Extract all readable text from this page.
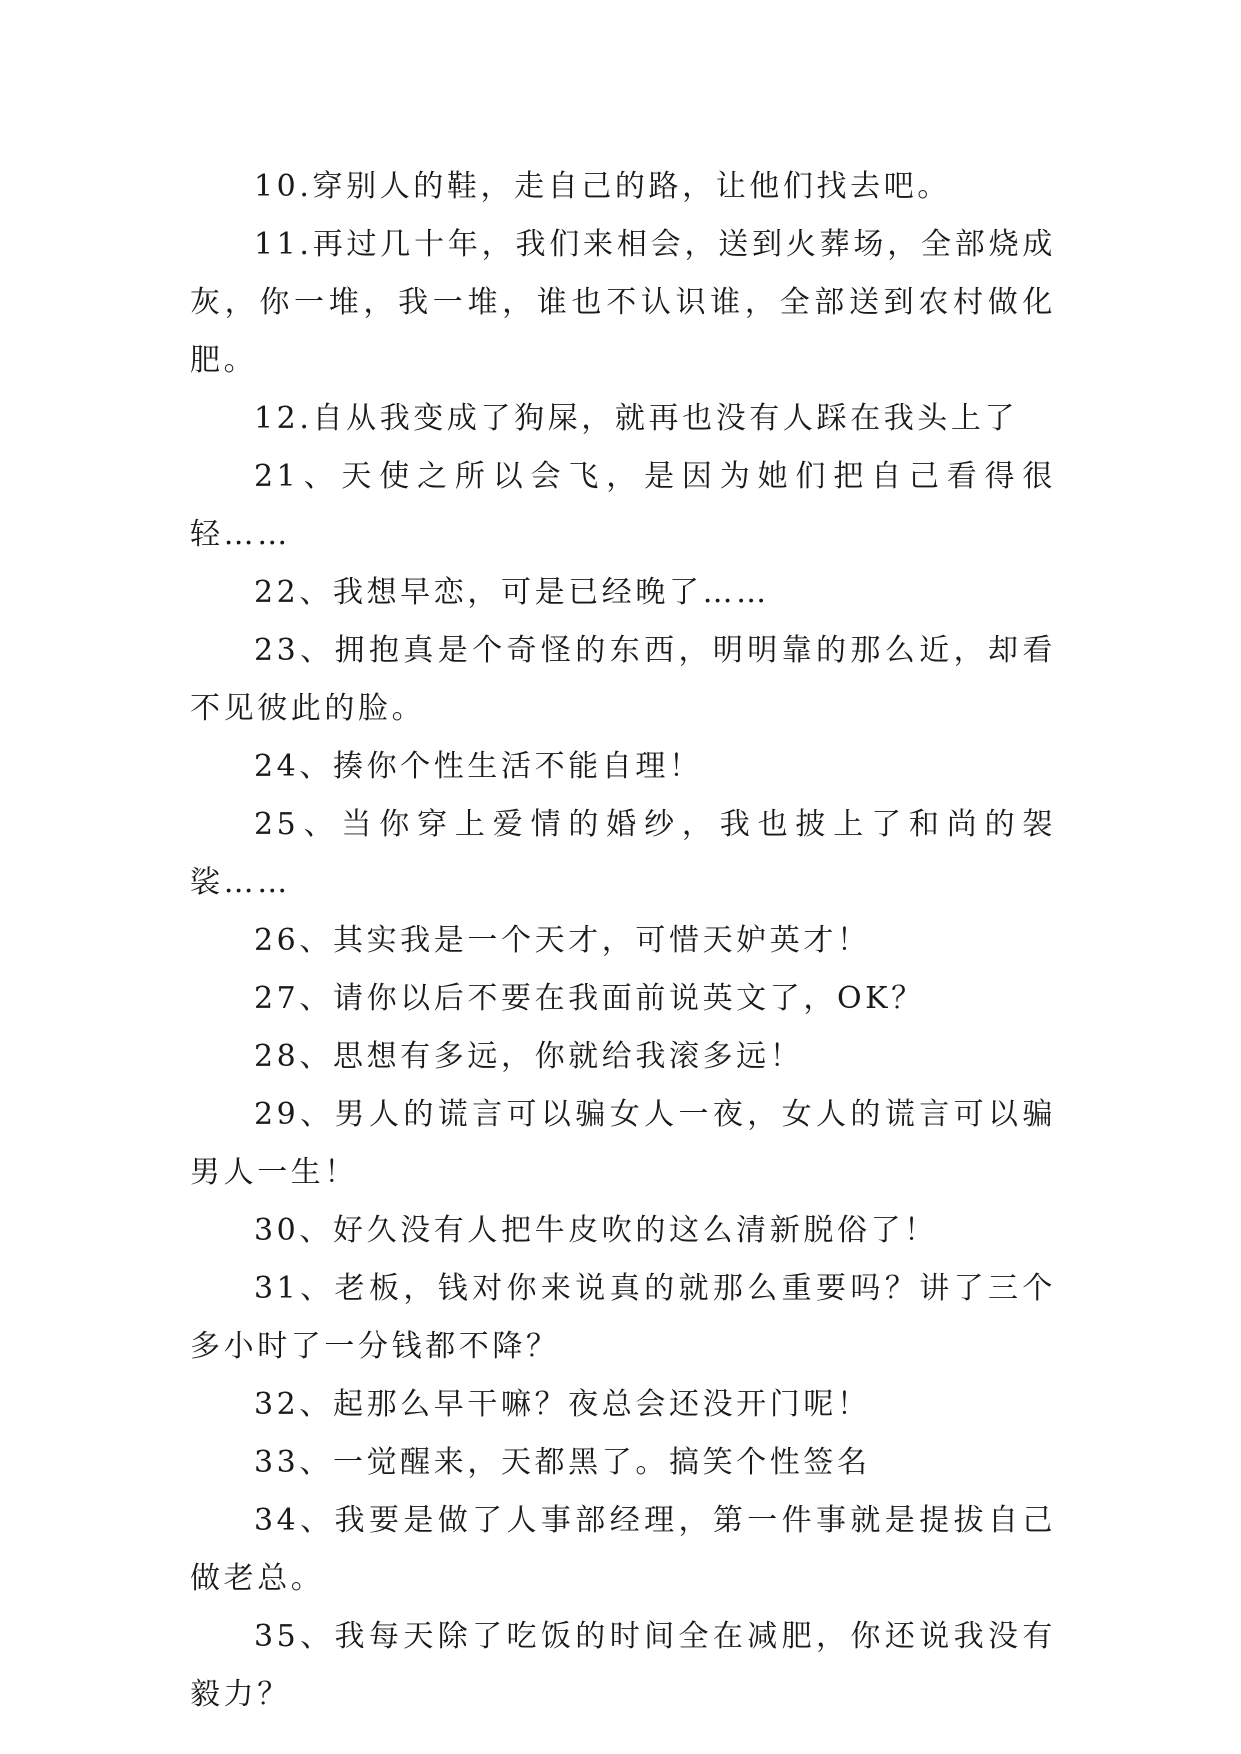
10.穿别人的鞋，走自己的路，让他们找去吧。

11.再过几十年，我们来相会，送到火葬场，全部烧成灰，你一堆，我一堆，谁也不认识谁，全部送到农村做化肥。

12.自从我变成了狗屎，就再也没有人踩在我头上了

21、天使之所以会飞，是因为她们把自己看得很轻……

22、我想早恋，可是已经晚了……

23、拥抱真是个奇怪的东西，明明靠的那么近，却看不见彼此的脸。

24、揍你个性生活不能自理！

25、当你穿上爱情的婚纱，我也披上了和尚的袈裟……

26、其实我是一个天才，可惜天妒英才！

27、请你以后不要在我面前说英文了，OK？

28、思想有多远，你就给我滚多远！

29、男人的谎言可以骗女人一夜，女人的谎言可以骗男人一生！

30、好久没有人把牛皮吹的这么清新脱俗了！

31、老板，钱对你来说真的就那么重要吗？讲了三个多小时了一分钱都不降？

32、起那么早干嘛？夜总会还没开门呢！

33、一觉醒来，天都黑了。搞笑个性签名

34、我要是做了人事部经理，第一件事就是提拔自己做老总。

35、我每天除了吃饭的时间全在减肥，你还说我没有毅力？
